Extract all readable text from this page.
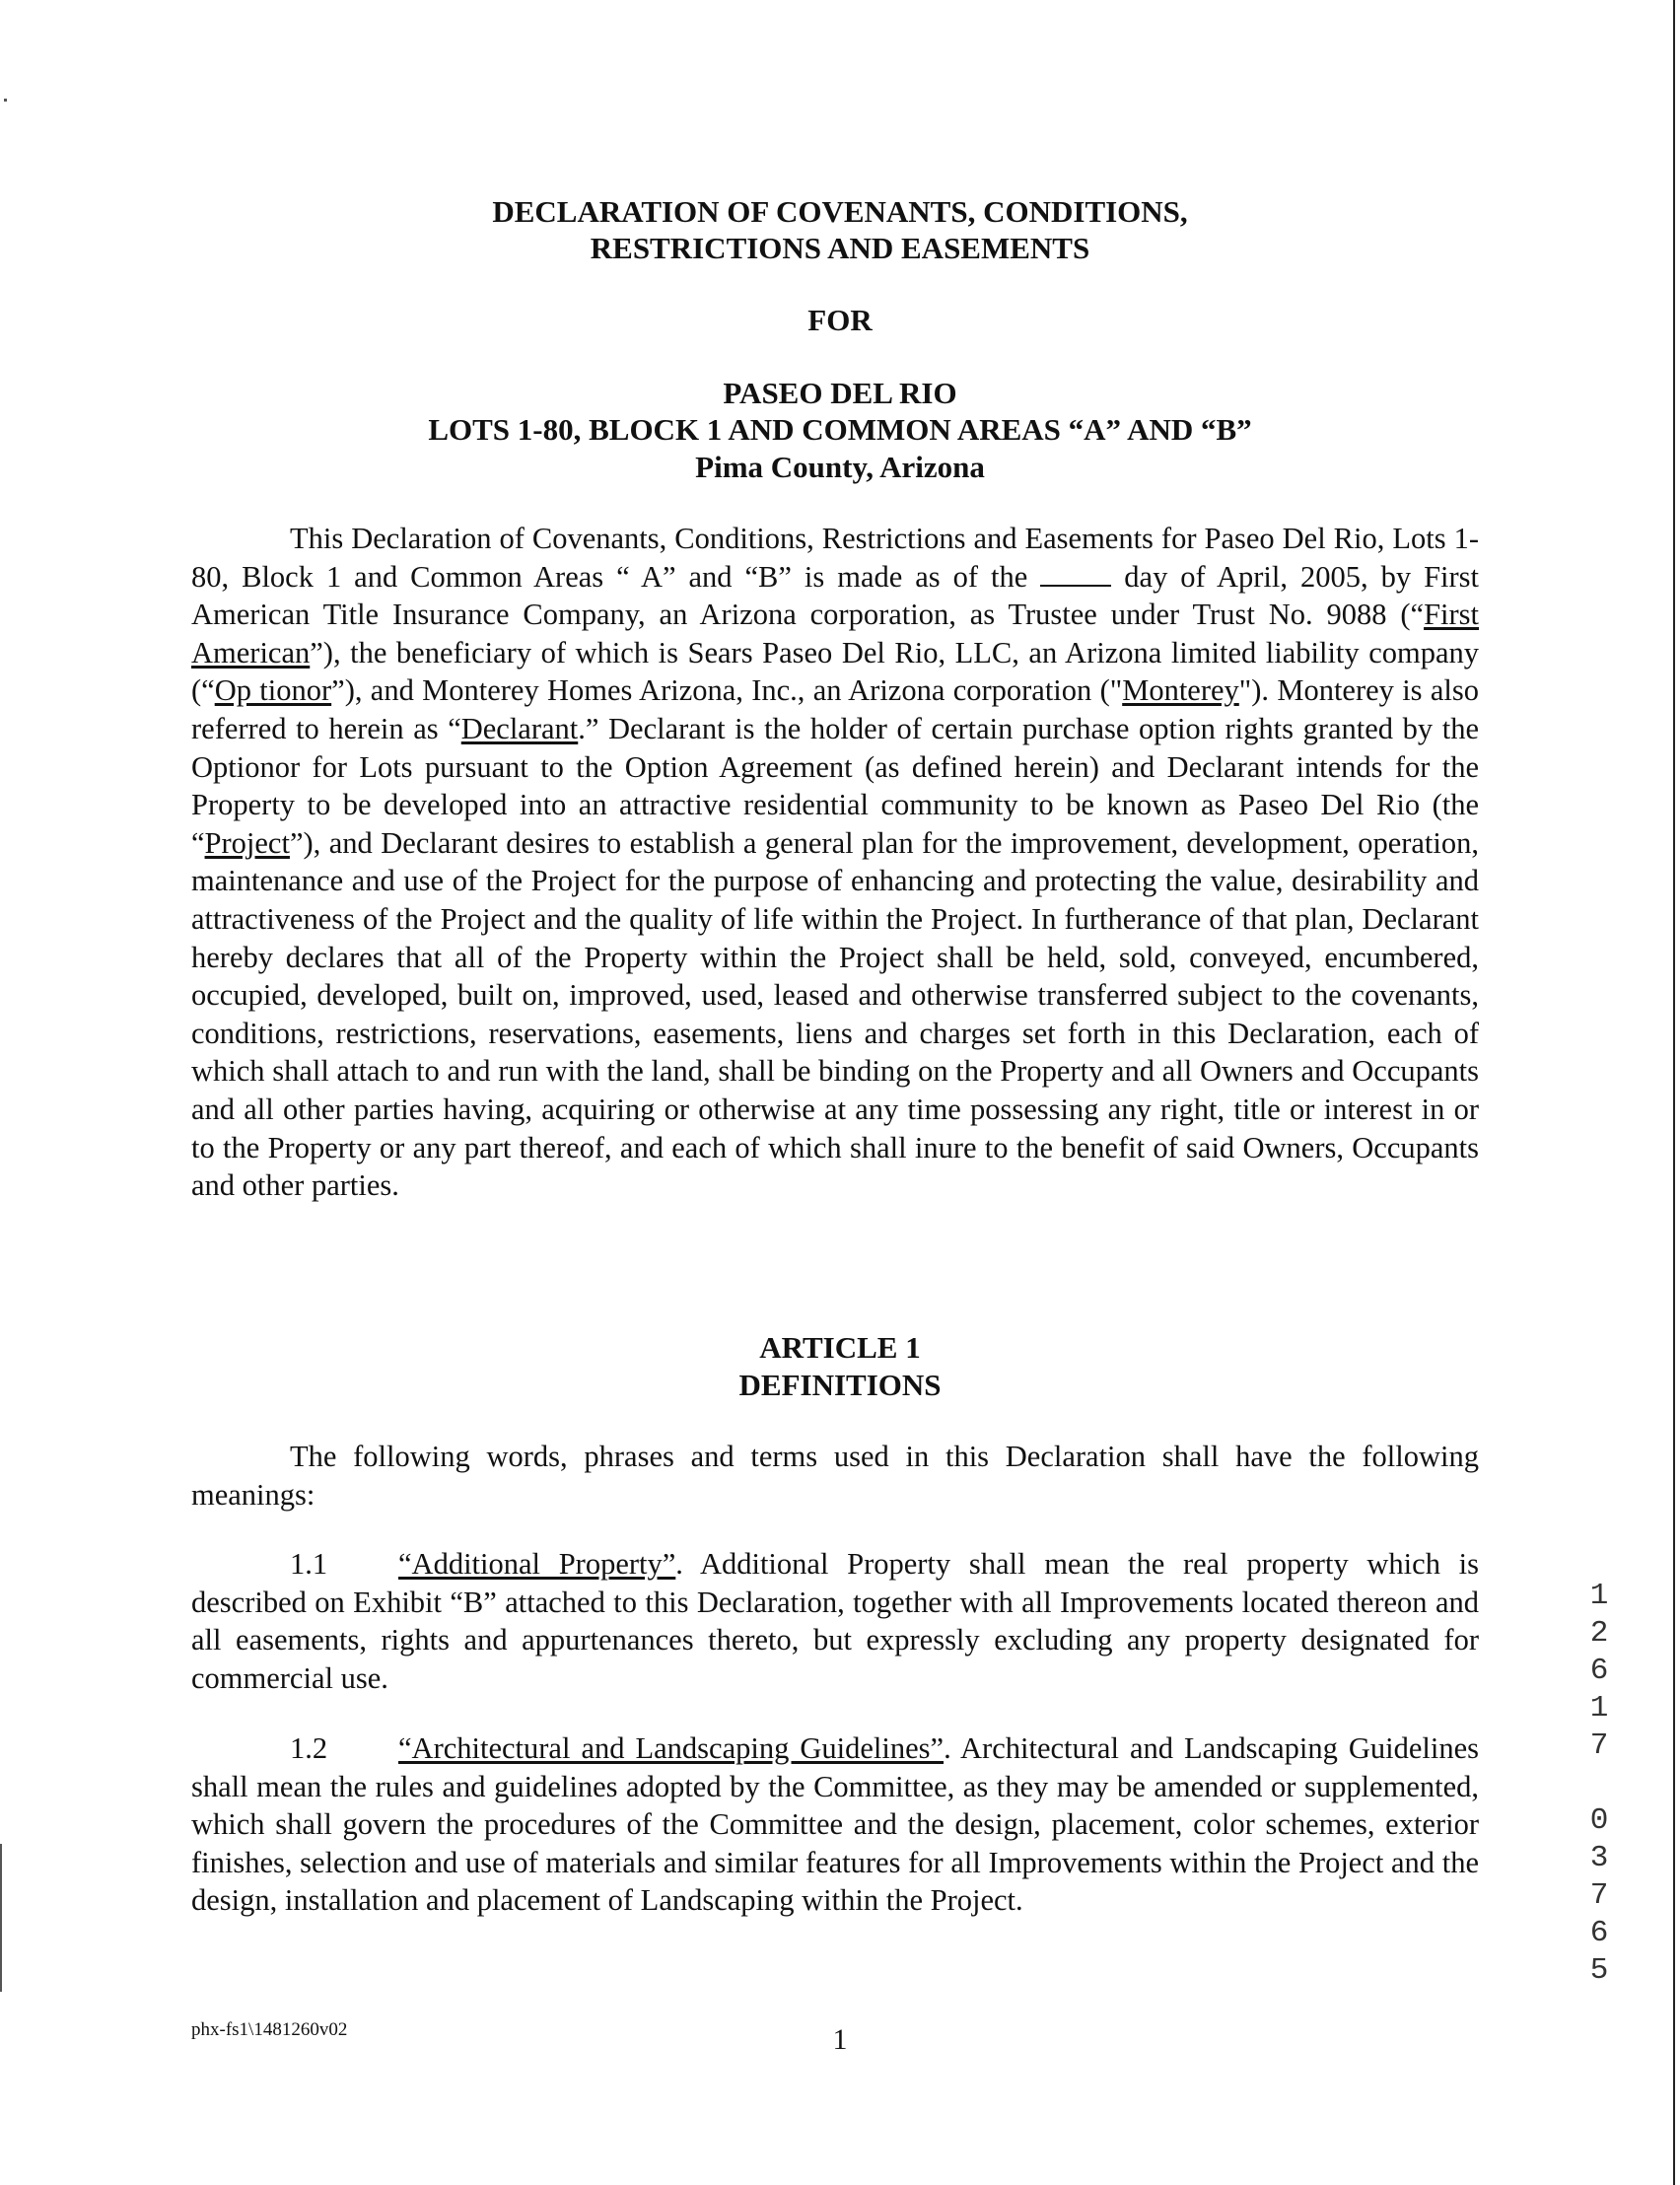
DECLARATION OF COVENANTS, CONDITIONS,
RESTRICTIONS AND EASEMENTS
FOR
PASEO DEL RIO
LOTS 1-80, BLOCK 1 AND COMMON AREAS “A” AND “B”
Pima County, Arizona
This Declaration of Covenants, Conditions, Restrictions and Easements for Paseo Del Rio, Lots 1-80, Block 1 and Common Areas “ A” and “B” is made as of the	day of April, 2005, by First American Title Insurance Company, an Arizona corporation, as Trustee under Trust No. 9088 (“First American”), the beneficiary of which is Sears Paseo Del Rio, LLC, an Arizona limited liability company (“Op tionor”), and Monterey Homes Arizona, Inc., an Arizona corporation ("Monterey"). Monterey is also referred to herein as “Declarant.” Declarant is the holder of certain purchase option rights granted by the Optionor for Lots pursuant to the Option Agreement (as defined herein) and Declarant intends for the Property to be developed into an attractive residential community to be known as Paseo Del Rio (the “Project”), and Declarant desires to establish a general plan for the improvement, development, operation, maintenance and use of the Project for the purpose of enhancing and protecting the value, desirability and attractiveness of the Project and the quality of life within the Project. In furtherance of that plan, Declarant hereby declares that all of the Property within the Project shall be held, sold, conveyed, encumbered, occupied, developed, built on, improved, used, leased and otherwise transferred subject to the covenants, conditions, restrictions, reservations, easements, liens and charges set forth in this Declaration, each of which shall attach to and run with the land, shall be binding on the Property and all Owners and Occupants and all other parties having, acquiring or otherwise at any time possessing any right, title or interest in or to the Property or any part thereof, and each of which shall inure to the benefit of said Owners, Occupants and other parties.
ARTICLE 1
DEFINITIONS
The following words, phrases and terms used in this Declaration shall have the following meanings:
1.1 “Additional Property”. Additional Property shall mean the real property which is described on Exhibit “B” attached to this Declaration, together with all Improvements located thereon and all easements, rights and appurtenances thereto, but expressly excluding any property designated for commercial use.
1.2 “Architectural and Landscaping Guidelines”. Architectural and Landscaping Guidelines shall mean the rules and guidelines adopted by the Committee, as they may be amended or supplemented, which shall govern the procedures of the Committee and the design, placement, color schemes, exterior finishes, selection and use of materials and similar features for all Improvements within the Project and the design, installation and placement of Landscaping within the Project.
phx-fs1\1481260v02	1
1
2
6
1
7
0
3
7
6
5
